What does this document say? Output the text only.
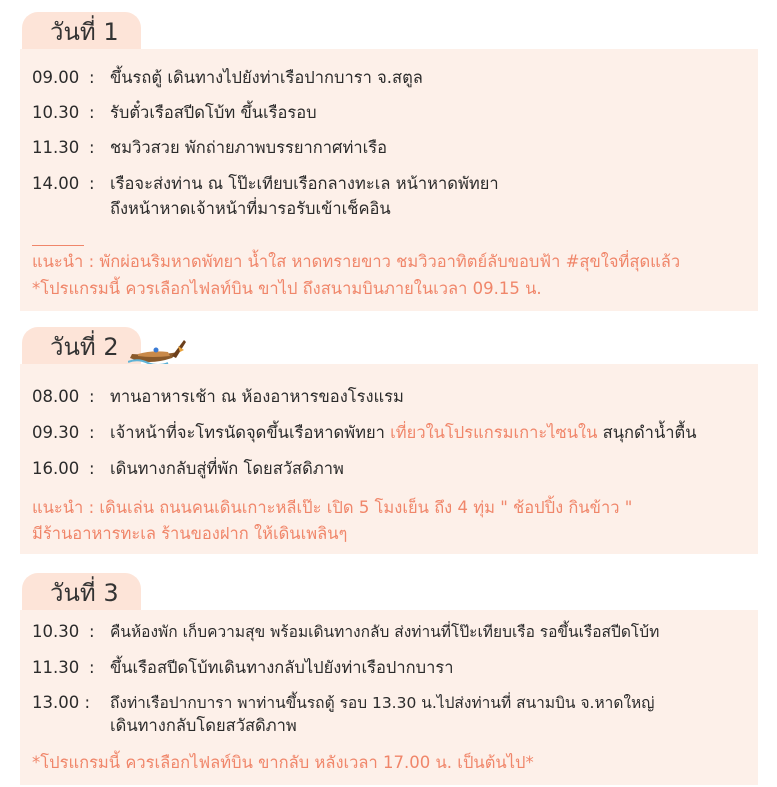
วันที่ 1
09.00 : ขึ้นรถตู้ เดินทางไปยังท่าเรือปากบารา จ.สตูล
10.30 : รับตั๋วเรือสปีดโบ้ท ขึ้นเรือรอบ
11.30 : ชมวิวสวย พักถ่ายภาพบรรยากาศท่าเรือ
14.00 : เรือจะส่งท่าน ณ โป๊ะเทียบเรือกลางทะเล หน้าหาดพัทยา
ถึงหน้าหาดเจ้าหน้าที่มารอรับเข้าเช็คอิน
แนะนำ : พักผ่อนริมหาดพัทยา น้ำใส หาดทรายขาว ชมวิวอาทิตย์ลับขอบฟ้า #สุขใจที่สุดแล้ว
*โปรแกรมนี้ ควรเลือกไฟลท์บิน ขาไป ถึงสนามบินภายในเวลา 09.15 น.
วันที่ 2
08.00 : ทานอาหารเช้า ณ ห้องอาหารของโรงแรม
09.30 : เจ้าหน้าที่จะโทรนัดจุดขึ้นเรือหาดพัทยา เที่ยวในโปรแกรมเกาะไซนใน สนุกดำน้ำตื้น
16.00 : เดินทางกลับสู่ที่พัก โดยสวัสดิภาพ
แนะนำ : เดินเล่น ถนนคนเดินเกาะหลีเป๊ะ เปิด 5 โมงเย็น ถึง 4 ทุ่ม " ช้อปปิ้ง กินข้าว "
มีร้านอาหารทะเล ร้านของฝาก ให้เดินเพลินๆ
วันที่ 3
10.30 : คืนห้องพัก เก็บความสุข พร้อมเดินทางกลับ ส่งท่านที่โป๊ะเทียบเรือ รอขึ้นเรือสปีดโบ้ท
11.30 : ขึ้นเรือสปีดโบ้ทเดินทางกลับไปยังท่าเรือปากบารา
13.00 :	ถึงท่าเรือปากบารา พาท่านขึ้นรถตู้ รอบ 13.30 น.ไปส่งท่านที่ สนามบิน จ.หาดใหญ่
เดินทางกลับโดยสวัสดิภาพ
*โปรแกรมนี้ ควรเลือกไฟลท์บิน ขากลับ หลังเวลา 17.00 น. เป็นต้นไป*
